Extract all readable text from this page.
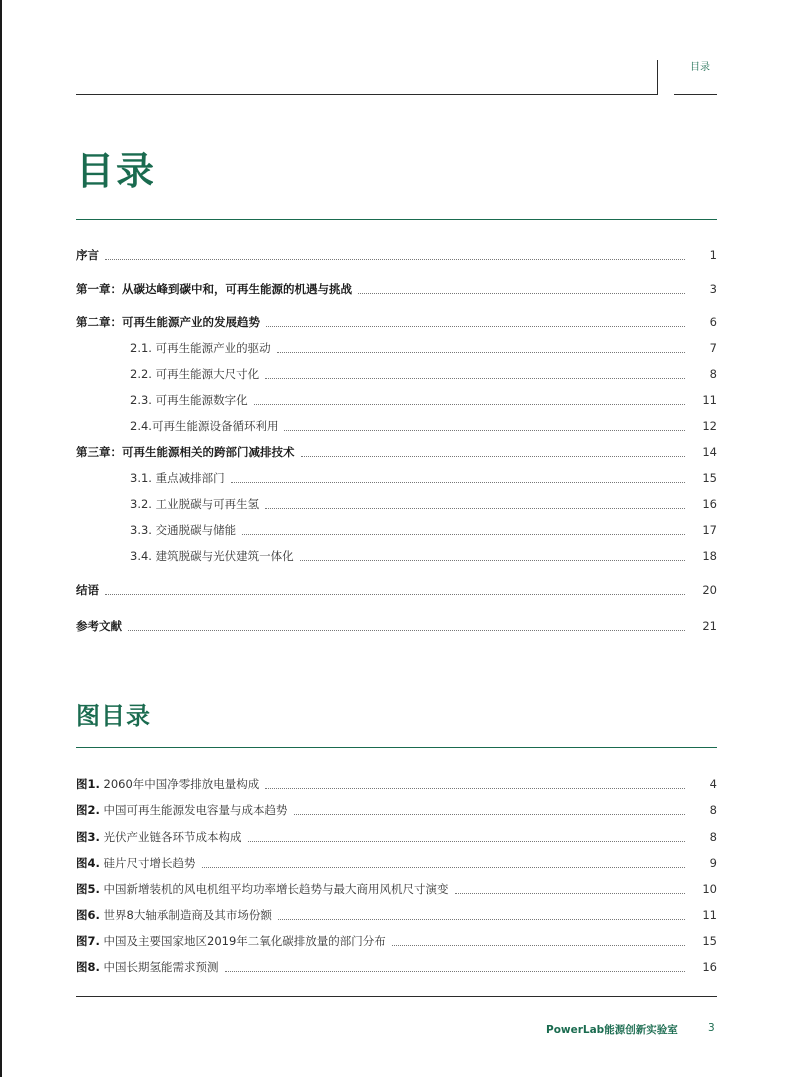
目录
目录
序言	1
第一章：从碳达峰到碳中和，可再生能源的机遇与挑战	3
第二章：可再生能源产业的发展趋势	6
2.1. 可再生能源产业的驱动	7
2.2. 可再生能源大尺寸化	8
2.3. 可再生能源数字化	11
2.4.可再生能源设备循环利用	12
第三章：可再生能源相关的跨部门减排技术	14
3.1. 重点减排部门	15
3.2. 工业脱碳与可再生氢	16
3.3. 交通脱碳与储能	17
3.4. 建筑脱碳与光伏建筑一体化	18
结语	20
参考文献	21
图目录
图1. 2060年中国净零排放电量构成	4
图2. 中国可再生能源发电容量与成本趋势	8
图3. 光伏产业链各环节成本构成	8
图4. 硅片尺寸增长趋势	9
图5. 中国新增装机的风电机组平均功率增长趋势与最大商用风机尺寸演变	10
图6. 世界8大轴承制造商及其市场份额	11
图7. 中国及主要国家地区2019年二氧化碳排放量的部门分布	15
图8. 中国长期氢能需求预测	16
PowerLab能源创新实验室	3
